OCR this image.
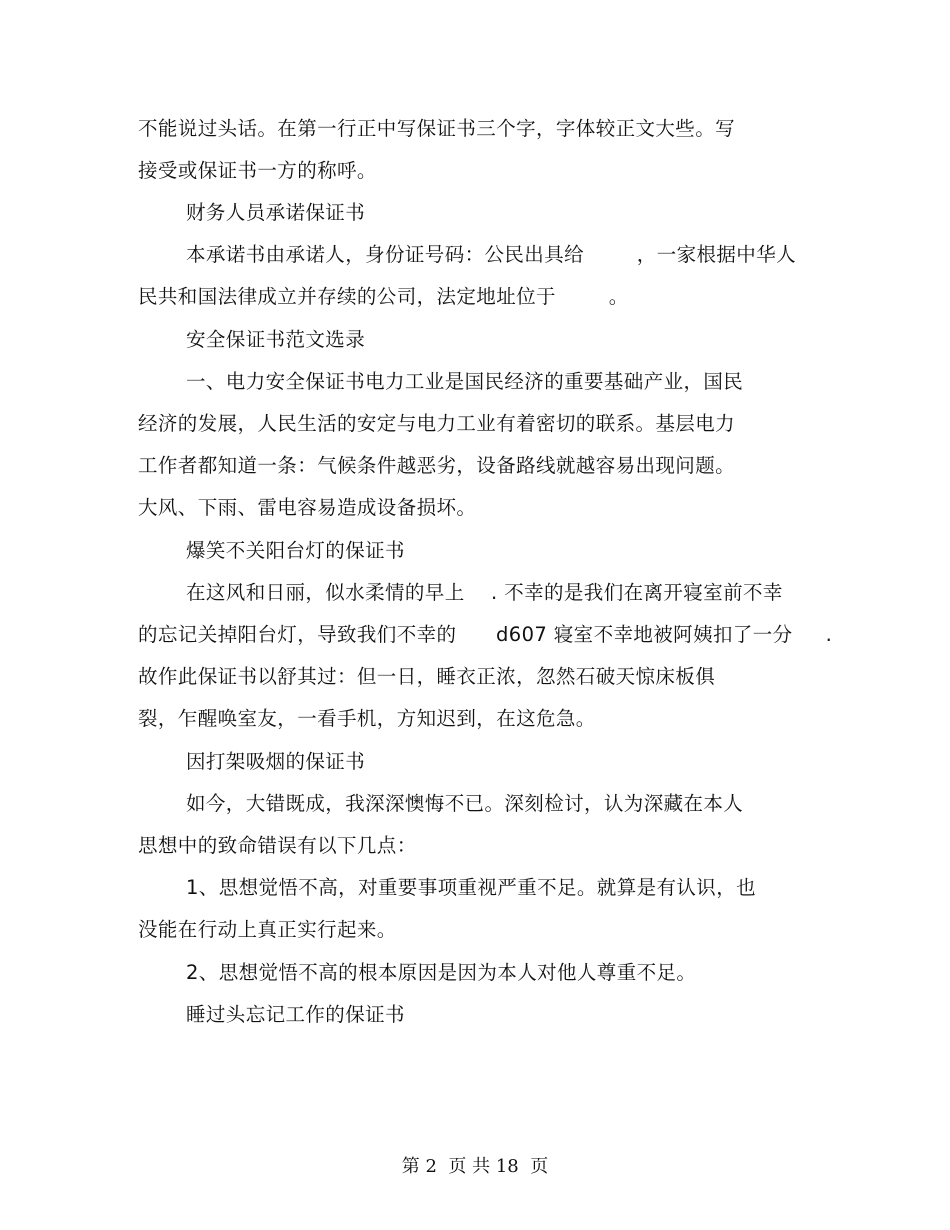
不能说过头话。在第一行正中写保证书三个字，字体较正文大些。写
接受或保证书一方的称呼。
财务人员承诺保证书
本承诺书由承诺人，身份证号码：公民出具给        ，一家根据中华人
民共和国法律成立并存续的公司，法定地址位于        。
安全保证书范文选录
一、电力安全保证书电力工业是国民经济的重要基础产业，国民
经济的发展，人民生活的安定与电力工业有着密切的联系。基层电力
工作者都知道一条：气候条件越恶劣，设备路线就越容易出现问题。
大风、下雨、雷电容易造成设备损坏。
爆笑不关阳台灯的保证书
在这风和日丽，似水柔情的早上    . 不幸的是我们在离开寝室前不幸
的忘记关掉阳台灯，导致我们不幸的      d607 寝室不幸地被阿姨扣了一分     .
故作此保证书以舒其过：但一日，睡衣正浓，忽然石破天惊床板俱
裂，乍醒唤室友，一看手机，方知迟到，在这危急。
因打架吸烟的保证书
如今，大错既成，我深深懊悔不已。深刻检讨，认为深藏在本人
思想中的致命错误有以下几点：
1、思想觉悟不高，对重要事项重视严重不足。就算是有认识，也
没能在行动上真正实行起来。
2、思想觉悟不高的根本原因是因为本人对他人尊重不足。
睡过头忘记工作的保证书
第 2  页 共 18  页
